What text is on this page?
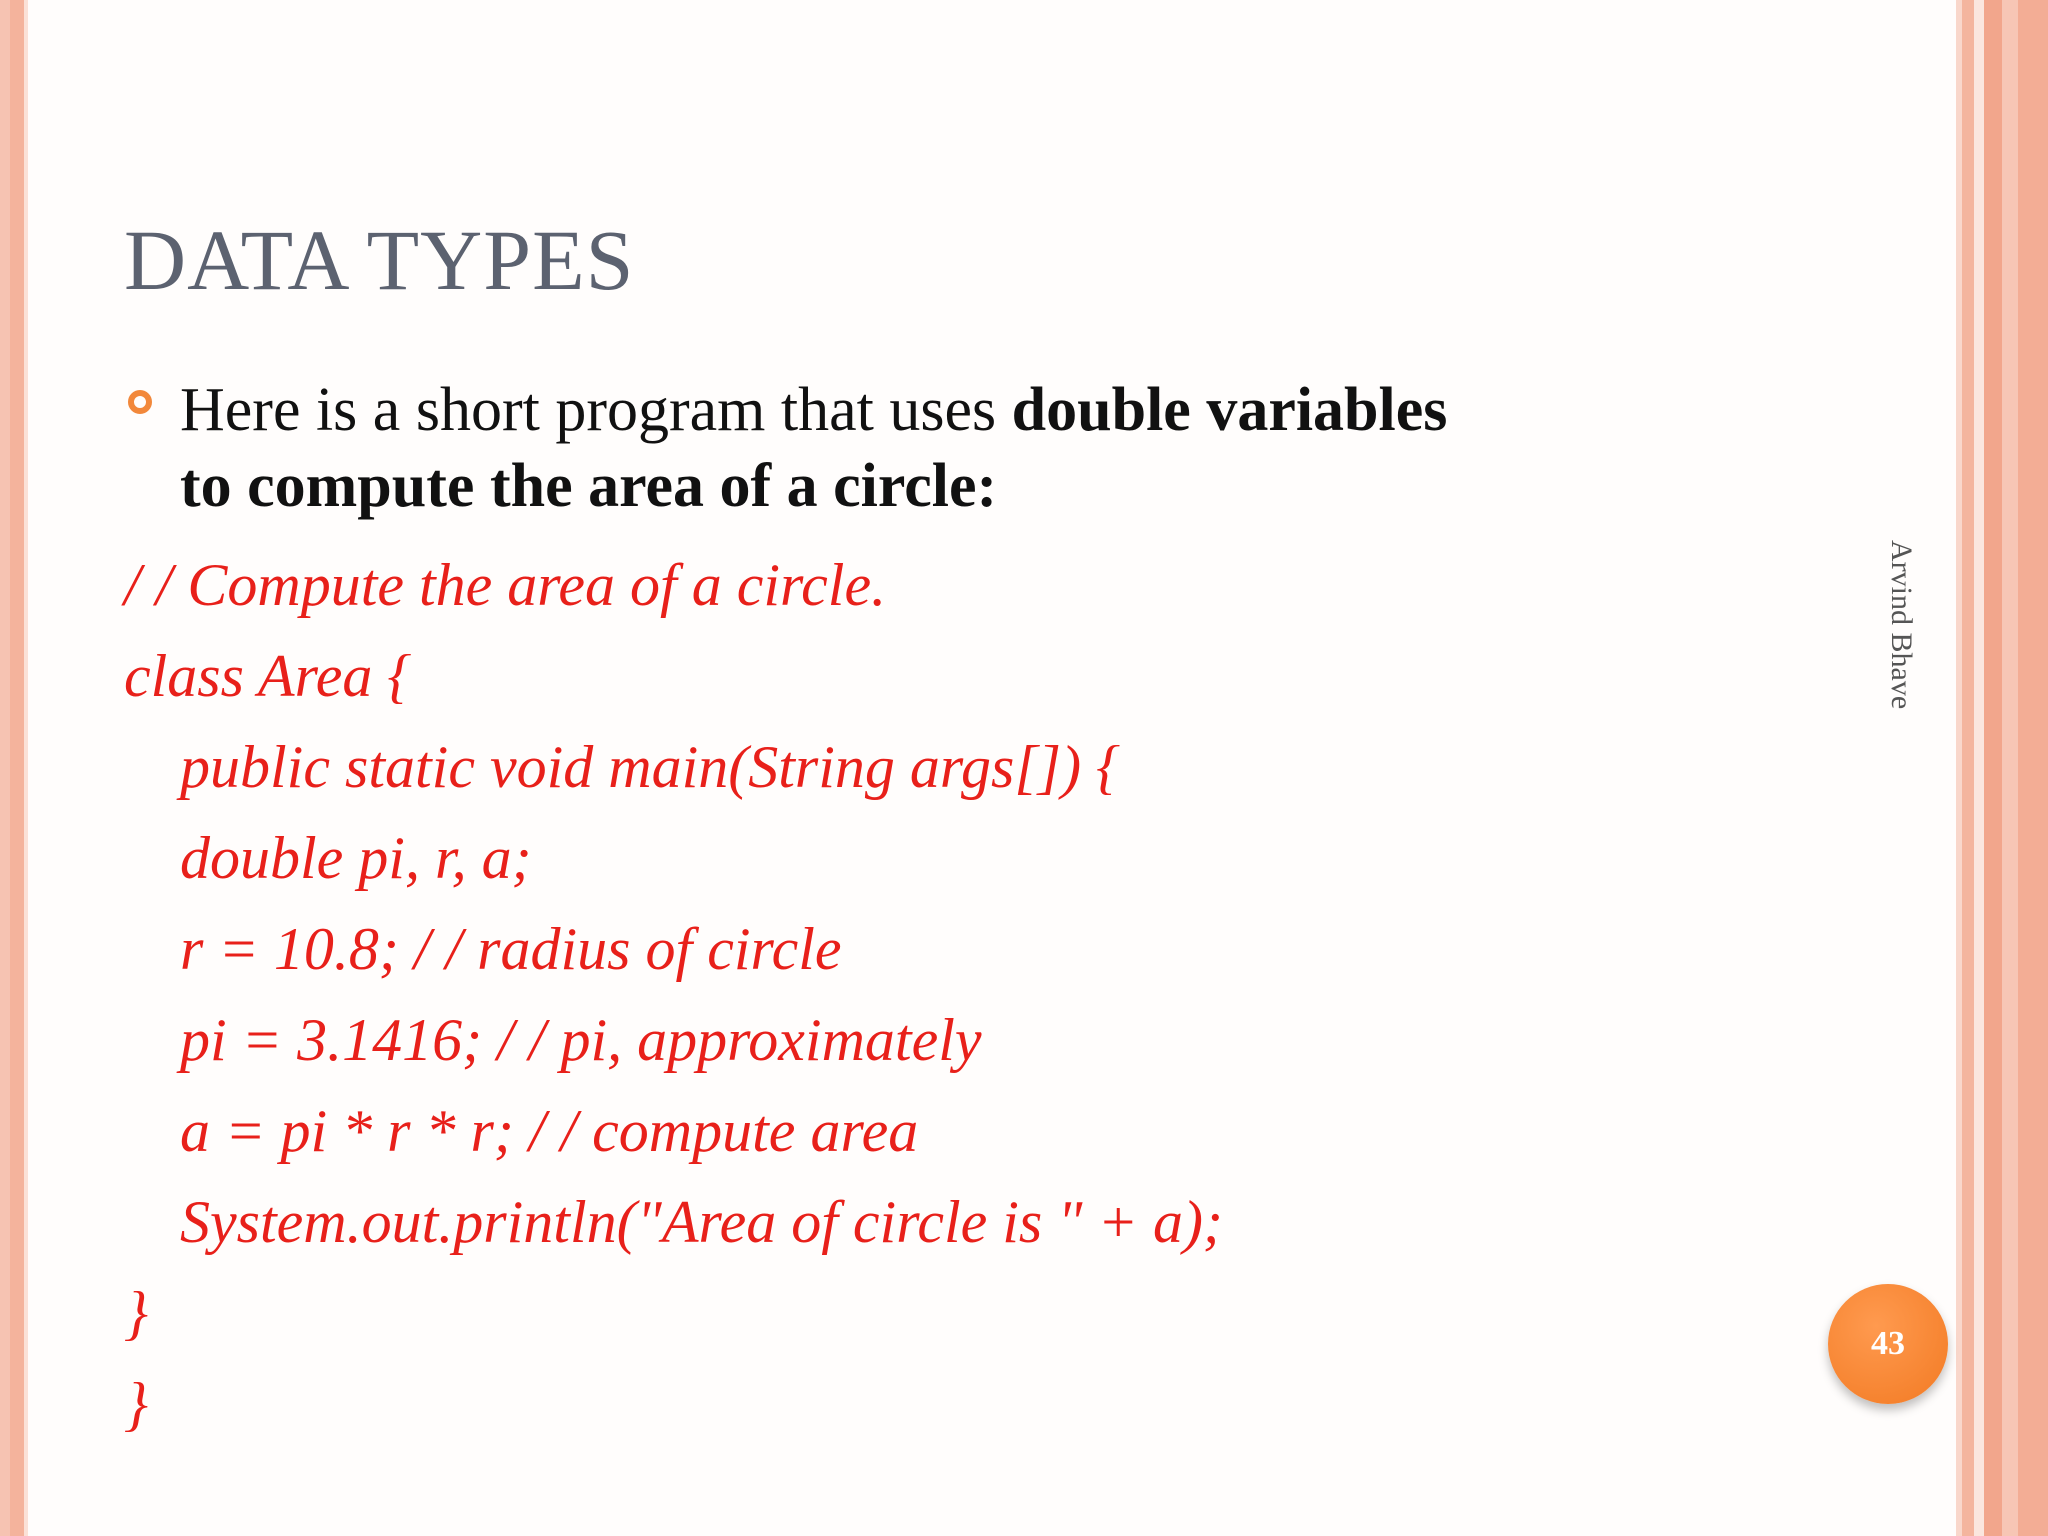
DATA TYPES
Here is a short program that uses double variables
to compute the area of a circle:
/ / Compute the area of a circle.
class Area {
public static void main(String args[]) {
double pi, r, a;
r = 10.8; / / radius of circle
pi = 3.1416; / / pi, approximately
a = pi * r * r; / / compute area
System.out.println("Area of circle is " + a);
}
}
Arvind Bhave
43
